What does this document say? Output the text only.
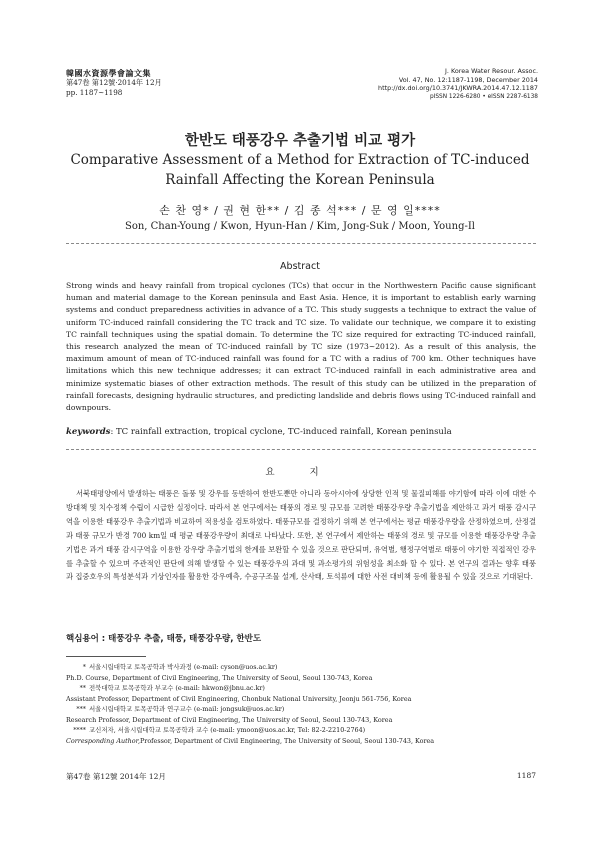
韓國水資源學會論文集
第47卷 第12號·2014年 12月
pp. 1187~1198
J. Korea Water Resour. Assoc.
Vol. 47, No. 12:1187-1198, December 2014
http://dx.doi.org/10.3741/JKWRA.2014.47.12.1187
pISSN 1226-6280 • eISSN 2287-6138
한반도 태풍강우 추출기법 비교 평가
Comparative Assessment of a Method for Extraction of TC-induced
Rainfall Affecting the Korean Peninsula
손 찬 영* / 권 현 한** / 김 종 석*** / 문 영 일****
Son, Chan-Young / Kwon, Hyun-Han / Kim, Jong-Suk / Moon, Young-Il
Abstract
Strong winds and heavy rainfall from tropical cyclones (TCs) that occur in the Northwestern Pacific cause significant human and material damage to the Korean peninsula and East Asia. Hence, it is important to establish early warning systems and conduct preparedness activities in advance of a TC. This study suggests a technique to extract the value of uniform TC-induced rainfall considering the TC track and TC size. To validate our technique, we compare it to existing TC rainfall techniques using the spatial domain. To determine the TC size required for extracting TC-induced rainfall, this research analyzed the mean of TC-induced rainfall by TC size (1973~2012). As a result of this analysis, the maximum amount of mean of TC-induced rainfall was found for a TC with a radius of 700 km. Other techniques have limitations which this new technique addresses; it can extract TC-induced rainfall in each administrative area and minimize systematic biases of other extraction methods. The result of this study can be utilized in the preparation of rainfall forecasts, designing hydraulic structures, and predicting landslide and debris flows using TC-induced rainfall and downpours.
keywords: TC rainfall extraction, tropical cyclone, TC-induced rainfall, Korean peninsula
요 지
서북태평양에서 발생하는 태풍은 돌풍 및 강우를 동반하여 한반도뿐만 아니라 동아시아에 상당한 인적 및 물질피해를 야기함에 따라 이에 대한 수방대책 및 치수정책 수립이 시급한 실정이다. 따라서 본 연구에서는 태풍의 경로 및 규모를 고려한 태풍강우량 추출기법을 제안하고 과거 태풍 감시구역을 이용한 태풍강우 추출기법과 비교하여 적용성을 검토하였다. 태풍규모를 결정하기 위해 본 연구에서는 평균 태풍강우량을 산정하였으며, 산정결과 태풍 규모가 반경 700 km일 때 평균 태풍강우량이 최대로 나타났다. 또한, 본 연구에서 제안하는 태풍의 경로 및 규모를 이용한 태풍강우량 추출기법은 과거 태풍 감시구역을 이용한 강우량 추출기법의 한계를 보완할 수 있을 것으로 판단되며, 유역별, 행정구역별로 태풍이 야기한 직접적인 강우를 추출할 수 있으며 주관적인 판단에 의해 발생할 수 있는 태풍강우의 과대 및 과소평가의 위험성을 최소화 할 수 있다. 본 연구의 결과는 향후 태풍과 집중호우의 특성분석과 기상인자를 활용한 강우예측, 수공구조물 설계, 산사태, 토석류에 대한 사전 대비책 등에 활용될 수 있을 것으로 기대된다.
핵심용어 : 태풍강우 추출, 태풍, 태풍강우량, 한반도
* 서울시립대학교 토목공학과 박사과정 (e-mail: cyson@uos.ac.kr)
Ph.D. Course, Department of Civil Engineering, The University of Seoul, Seoul 130-743, Korea
** 전북대학교 토목공학과 부교수 (e-mail: hkwon@jbnu.ac.kr)
Assistant Professor, Department of Civil Engineering, Chonbuk National University, Jeonju 561-756, Korea
*** 서울시립대학교 토목공학과 연구교수 (e-mail: jongsuk@uos.ac.kr)
Research Professor, Department of Civil Engineering, The University of Seoul, Seoul 130-743, Korea
**** 교신저자, 서울시립대학교 토목공학과 교수 (e-mail: ymoon@uos.ac.kr, Tel: 82-2-2210-2764)
Corresponding Author, Professor, Department of Civil Engineering, The University of Seoul, Seoul 130-743, Korea
第47卷 第12號 2014年 12月	1187
